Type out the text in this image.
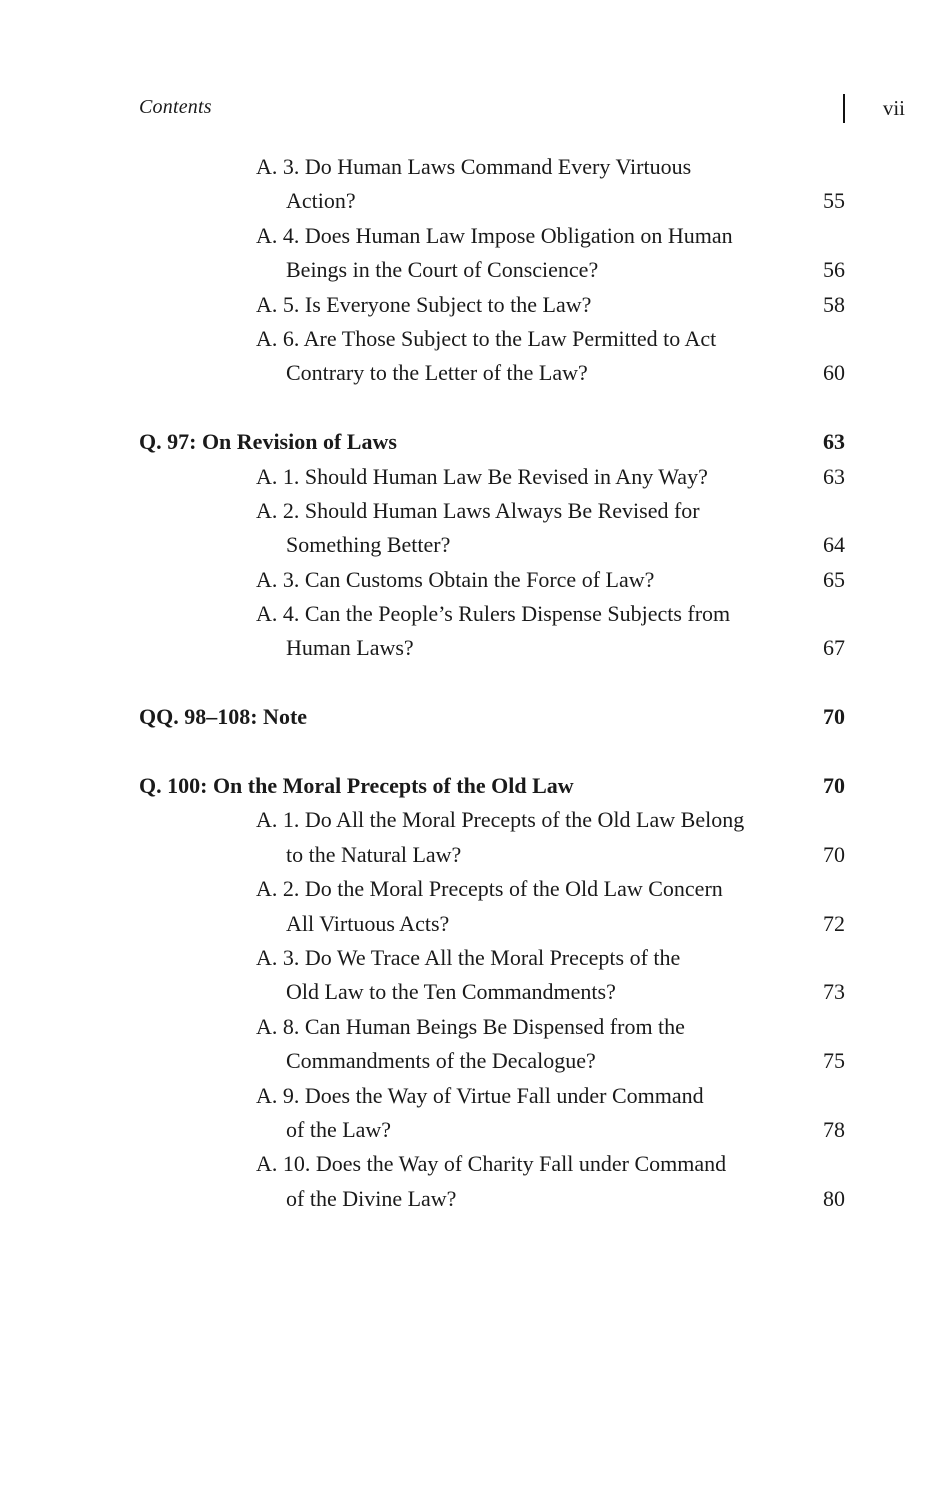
Contents	vii
A. 3. Do Human Laws Command Every Virtuous
Action?	55
A. 4. Does Human Law Impose Obligation on Human
Beings in the Court of Conscience?	56
A. 5. Is Everyone Subject to the Law?	58
A. 6. Are Those Subject to the Law Permitted to Act
Contrary to the Letter of the Law?	60
Q. 97: On Revision of Laws	63
A. 1. Should Human Law Be Revised in Any Way?	63
A. 2. Should Human Laws Always Be Revised for
Something Better?	64
A. 3. Can Customs Obtain the Force of Law?	65
A. 4. Can the People’s Rulers Dispense Subjects from
Human Laws?	67
QQ. 98–108: Note	70
Q. 100: On the Moral Precepts of the Old Law	70
A. 1. Do All the Moral Precepts of the Old Law Belong
to the Natural Law?	70
A. 2. Do the Moral Precepts of the Old Law Concern
All Virtuous Acts?	72
A. 3. Do We Trace All the Moral Precepts of the
Old Law to the Ten Commandments?	73
A. 8. Can Human Beings Be Dispensed from the
Commandments of the Decalogue?	75
A. 9. Does the Way of Virtue Fall under Command
of the Law?	78
A. 10. Does the Way of Charity Fall under Command
of the Divine Law?	80
